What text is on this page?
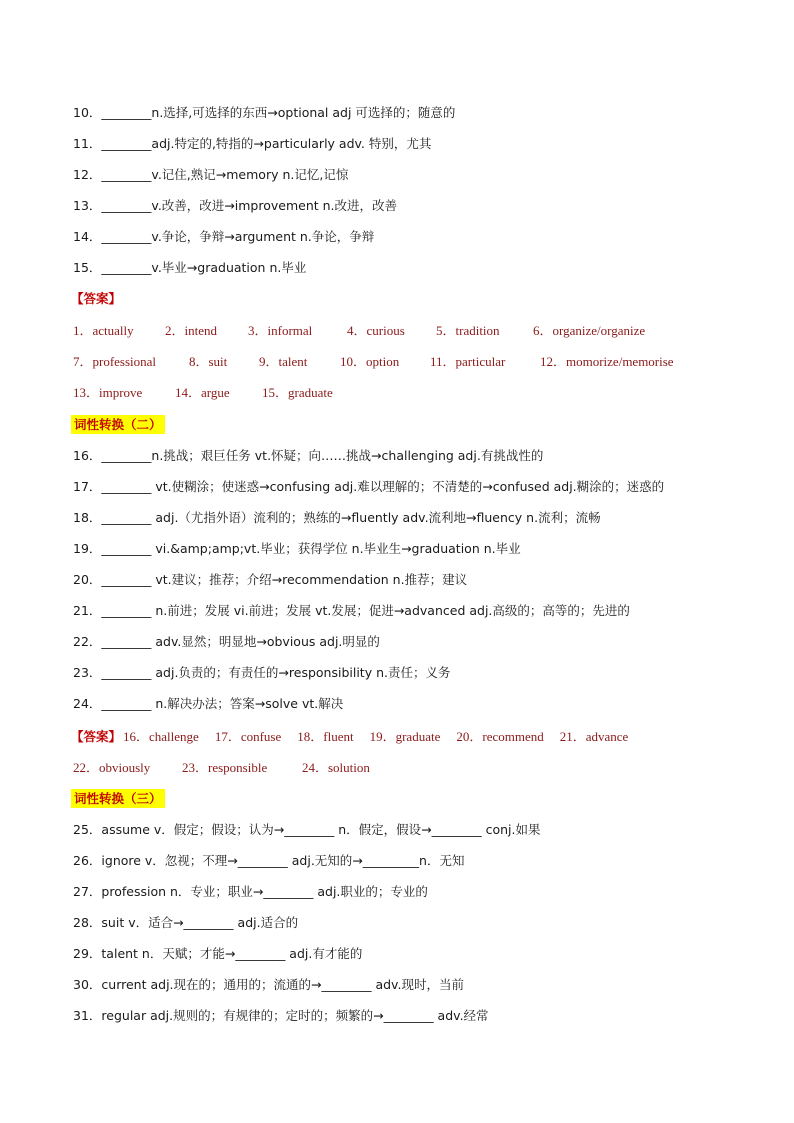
10．________n.选择,可选择的东西→optional adj 可选择的；随意的
11．________adj.特定的,特指的→particularly adv. 特别，尤其
12．________v.记住,熟记→memory n.记忆,记惊
13．________v.改善，改进→improvement n.改进，改善
14．________v.争论，争辩→argument n.争论，争辩
15．________v.毕业→graduation n.毕业
【答案】
1．actually 2．intend 3．informal	4．curious 5．tradition	6．organize/organize
7．professional	8．suit 9．talent	10．option 11．particular	12．momorize/memorise
13．improve	14．argue 15．graduate
词性转换（二）
16．________n.挑战；艰巨任务 vt.怀疑；向……挑战→challenging adj.有挑战性的
17．________ vt.使糊涂；使迷惑→confusing adj.难以理解的；不清楚的→confused adj.糊涂的；迷惑的
18．________ adj.（尤指外语）流利的；熟练的→fluently adv.流利地→fluency n.流利；流畅
19．________ vi.&amp;amp;vt.毕业；获得学位 n.毕业生→graduation n.毕业
20．________ vt.建议；推荐；介绍→recommendation n.推荐；建议
21．________ n.前进；发展 vi.前进；发展 vt.发展；促进→advanced adj.高级的；高等的；先进的
22．________ adv.显然；明显地→obvious adj.明显的
23．________ adj.负责的；有责任的→responsibility n.责任；义务
24．________ n.解决办法；答案→solve vt.解决
【答案】 16．challenge 17．confuse 18．fluent 19．graduate 20．recommend 21．advance
22．obviously 23．responsible	24．solution
词性转换（三）
25．assume v．假定；假设；认为→________ n．假定，假设→________ conj.如果
26．ignore v．忽视；不理→________ adj.无知的→_________n．无知
27．profession n．专业；职业→________ adj.职业的；专业的
28．suit v．适合→________ adj.适合的
29．talent n．天赋；才能→________ adj.有才能的
30．current adj.现在的；通用的；流通的→________ adv.现时，当前
31．regular adj.规则的；有规律的；定时的；频繁的→________ adv.经常
